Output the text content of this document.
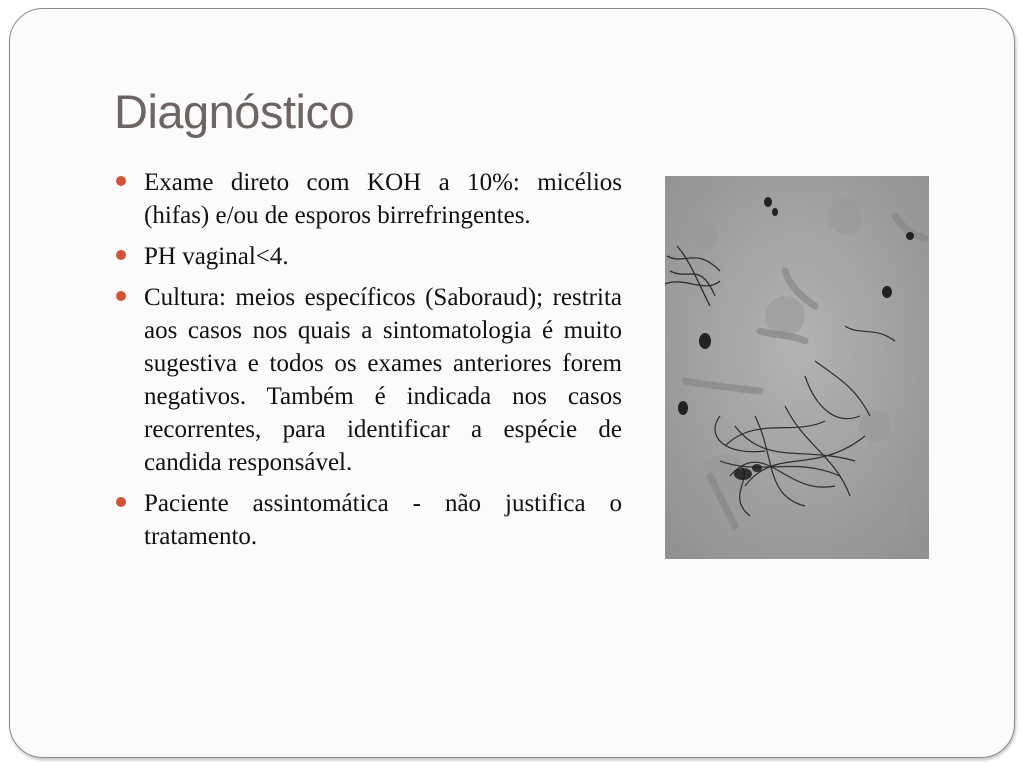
Diagnóstico
Exame direto com KOH a 10%: micélios (hifas) e/ou de esporos birrefringentes.
PH vaginal<4.
Cultura: meios específicos (Saboraud); restrita aos casos nos quais a sintomatologia é muito sugestiva e todos os exames anteriores forem negativos. Também é indicada nos casos recorrentes, para identificar a espécie de candida responsável.
Paciente assintomática - não justifica o tratamento.
